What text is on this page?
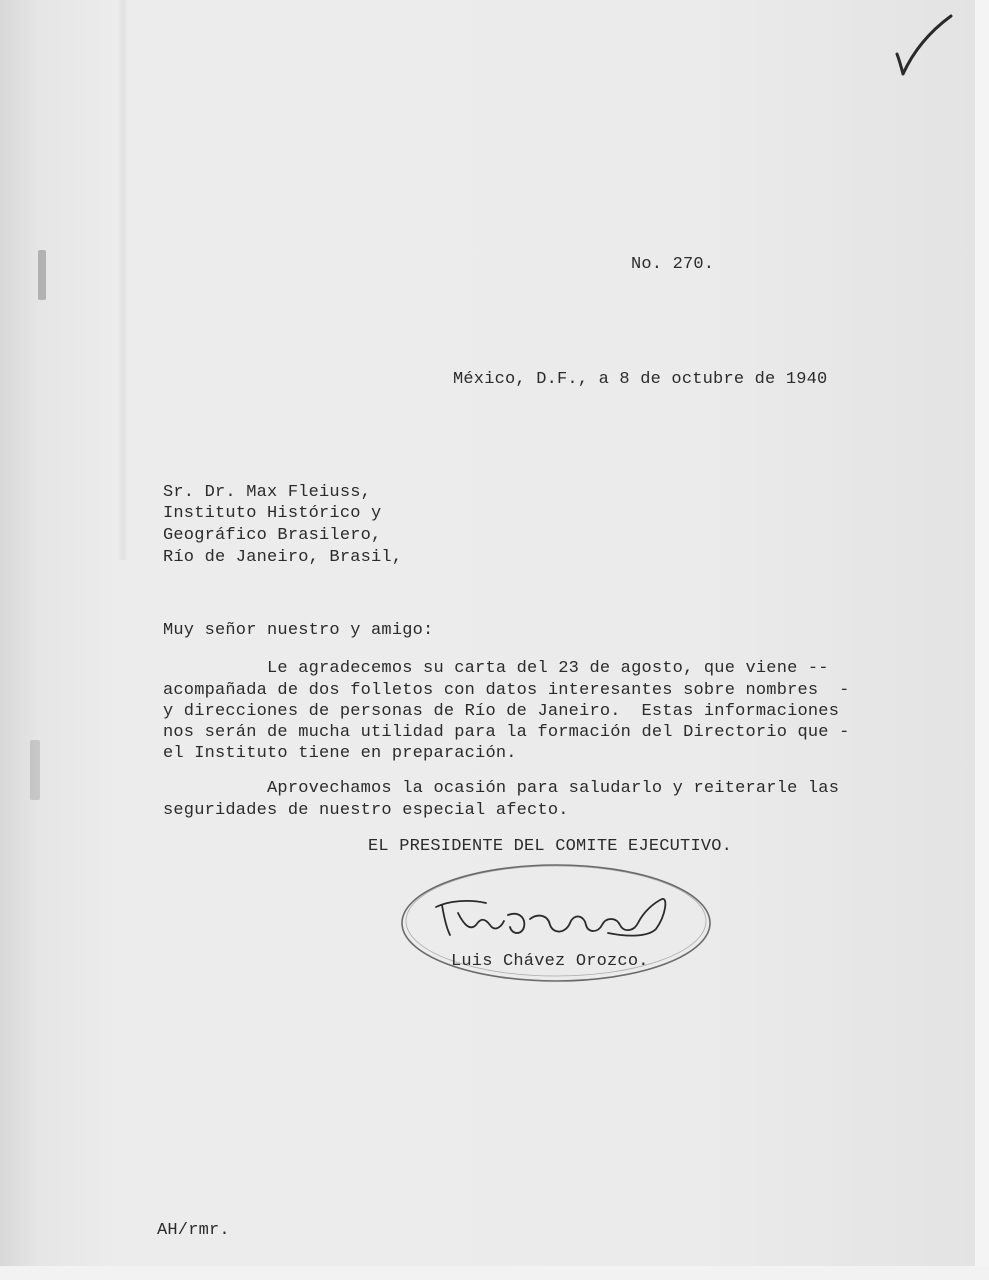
No. 270.
México, D.F., a 8 de octubre de 1940
Sr. Dr. Max Fleiuss,
Instituto Histórico y
Geográfico Brasilero,
Río de Janeiro, Brasil,
Muy señor nuestro y amigo:
Le agradecemos su carta del 23 de agosto, que viene --
acompañada de dos folletos con datos interesantes sobre nombres  -
y direcciones de personas de Río de Janeiro.  Estas informaciones
nos serán de mucha utilidad para la formación del Directorio que -
el Instituto tiene en preparación.
Aprovechamos la ocasión para saludarlo y reiterarle las
seguridades de nuestro especial afecto.
EL PRESIDENTE DEL COMITE EJECUTIVO.
Luis Chávez Orozco.
AH/rmr.
